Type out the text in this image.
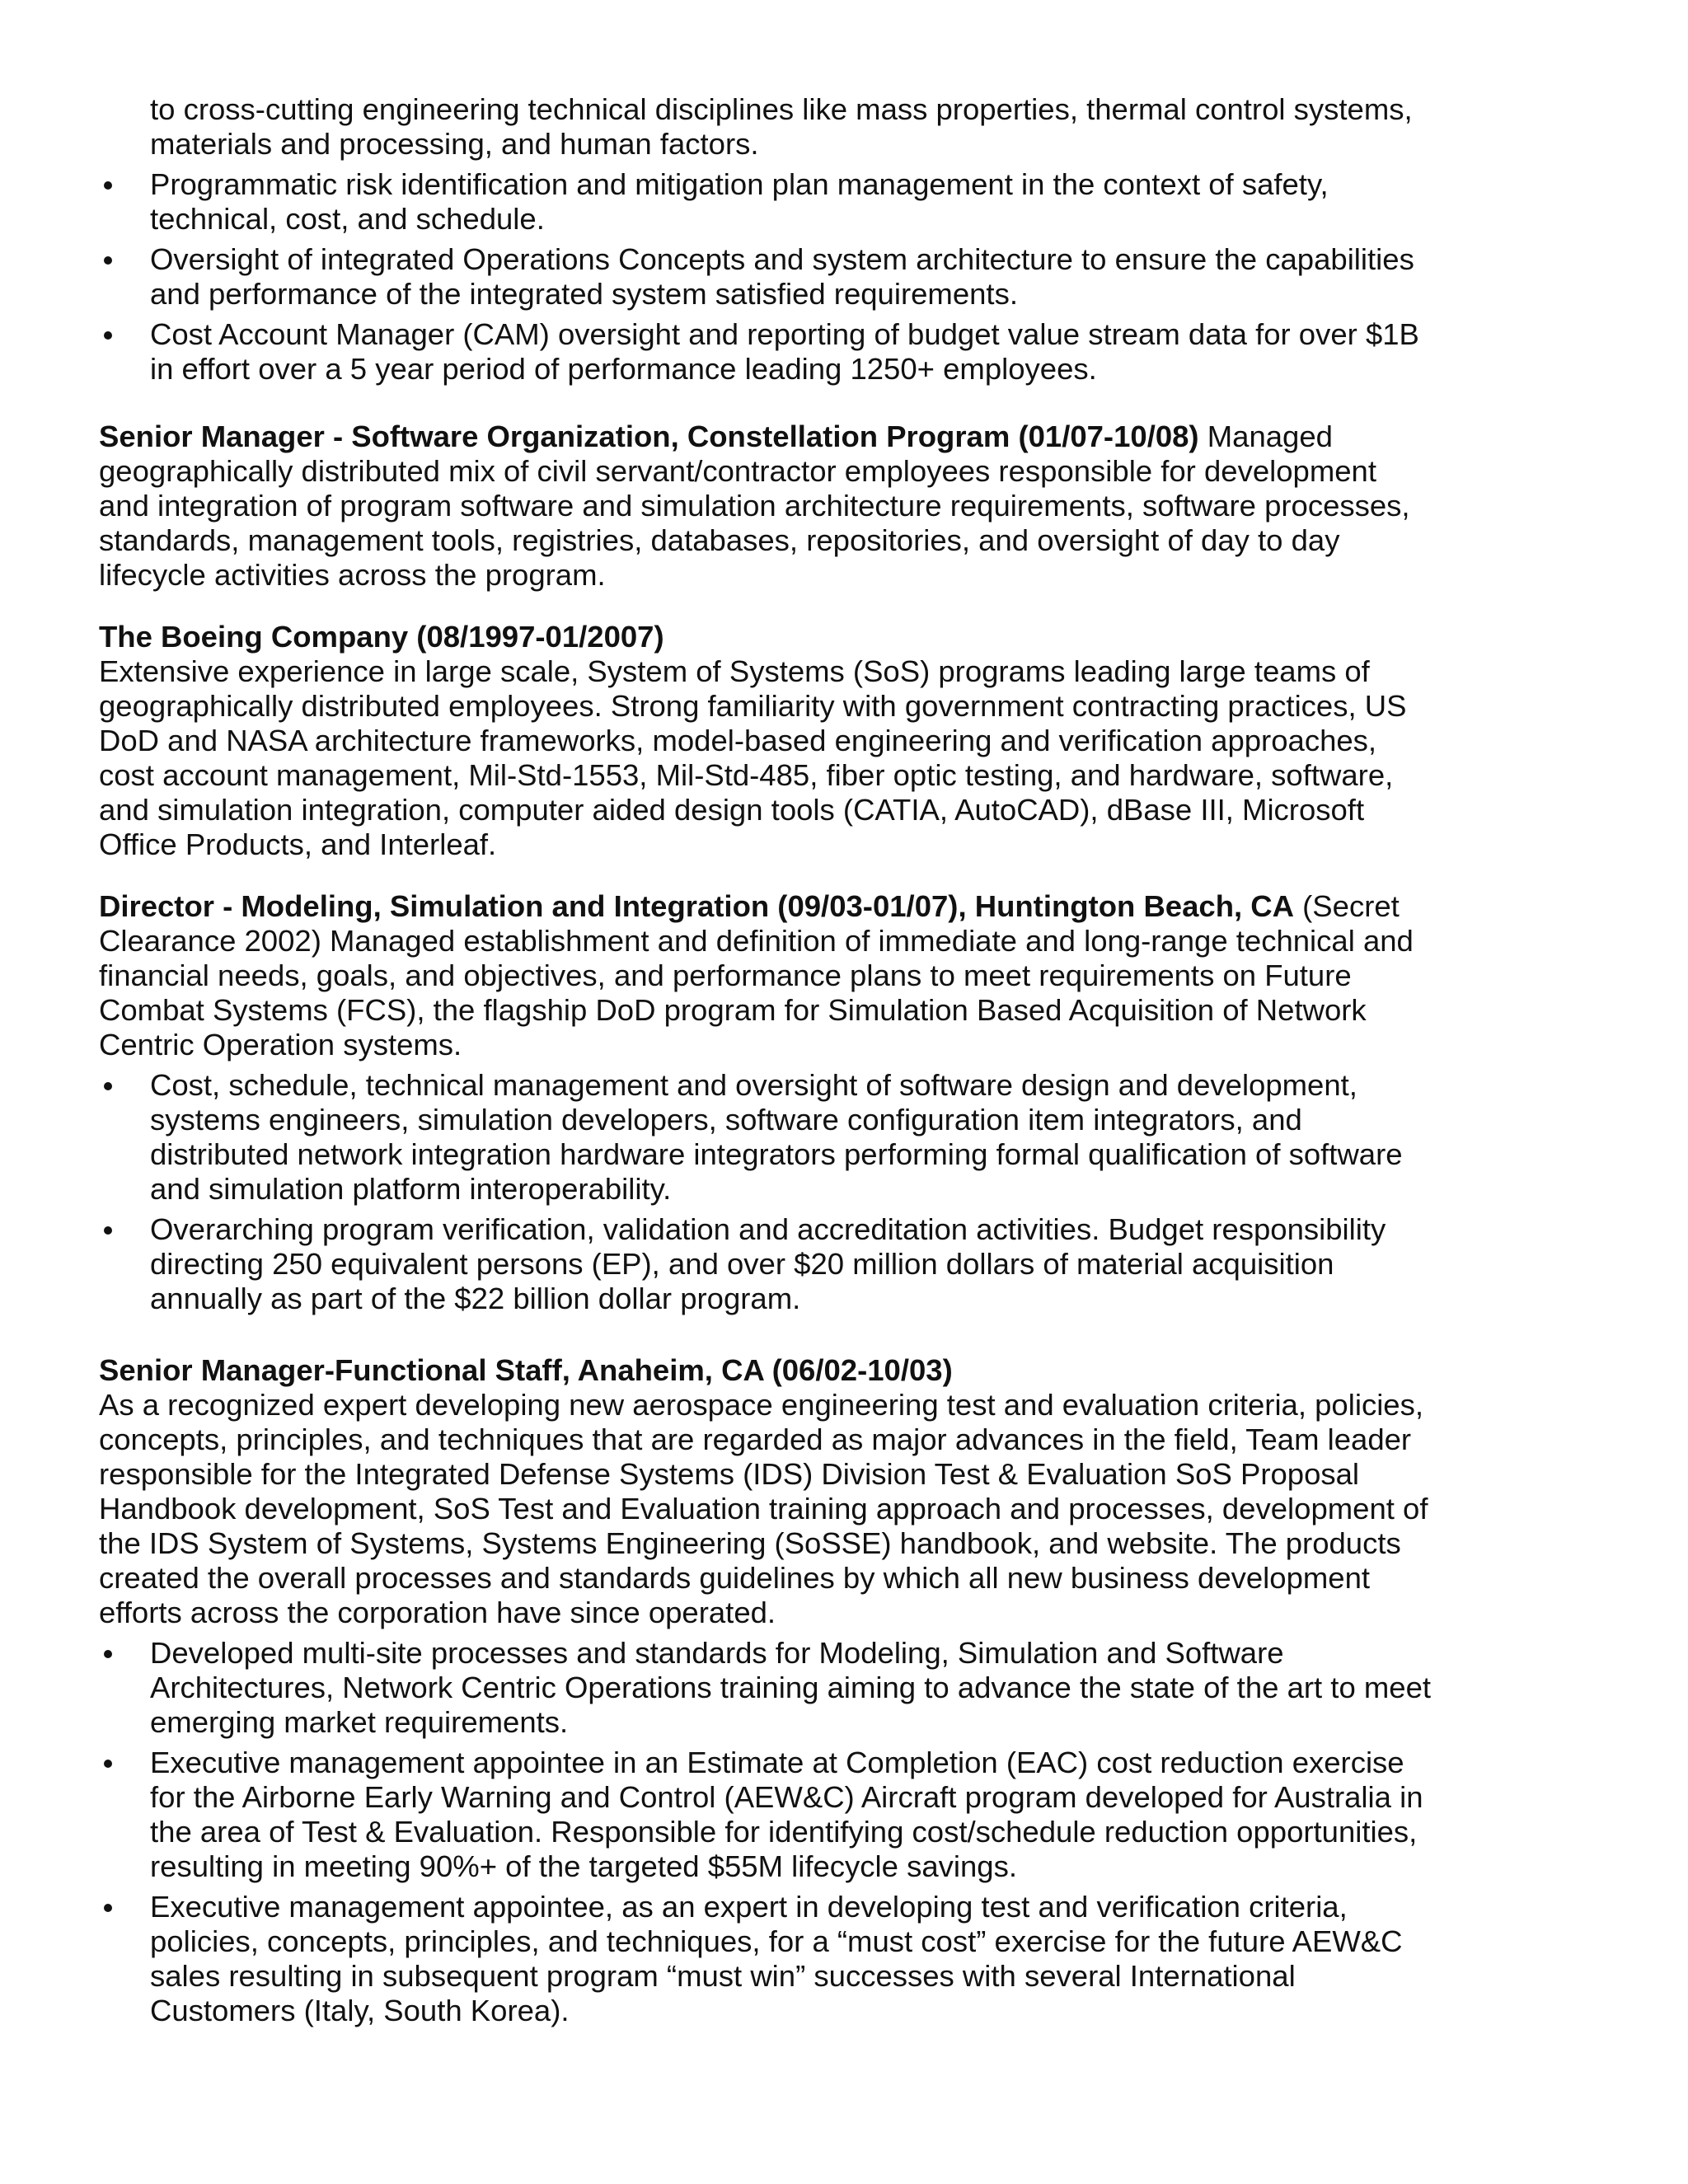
to cross-cutting engineering technical disciplines like mass properties, thermal control systems, materials and processing, and human factors.

Programmatic risk identification and mitigation plan management in the context of safety, technical, cost, and schedule.
Oversight of integrated Operations Concepts and system architecture to ensure the capabilities and performance of the integrated system satisfied requirements.
Cost Account Manager (CAM) oversight and reporting of budget value stream data for over $1B in effort over a 5 year period of performance leading 1250+ employees.

Senior Manager - Software Organization, Constellation Program (01/07-10/08) Managed geographically distributed mix of civil servant/contractor employees responsible for development and integration of program software and simulation architecture requirements, software processes, standards, management tools, registries, databases, repositories, and oversight of day to day lifecycle activities across the program.

The Boeing Company (08/1997-01/2007)

Extensive experience in large scale, System of Systems (SoS) programs leading large teams of geographically distributed employees. Strong familiarity with government contracting practices, US DoD and NASA architecture frameworks, model-based engineering and verification approaches, cost account management, Mil-Std-1553, Mil-Std-485, fiber optic testing, and hardware, software, and simulation integration, computer aided design tools (CATIA, AutoCAD), dBase III, Microsoft Office Products, and Interleaf.

Director - Modeling, Simulation and Integration (09/03-01/07), Huntington Beach, CA (Secret Clearance 2002) Managed establishment and definition of immediate and long-range technical and financial needs, goals, and objectives, and performance plans to meet requirements on Future Combat Systems (FCS), the flagship DoD program for Simulation Based Acquisition of Network Centric Operation systems.

Cost, schedule, technical management and oversight of software design and development, systems engineers, simulation developers, software configuration item integrators, and distributed network integration hardware integrators performing formal qualification of software and simulation platform interoperability.
Overarching program verification, validation and accreditation activities. Budget responsibility directing 250 equivalent persons (EP), and over $20 million dollars of material acquisition annually as part of the $22 billion dollar program.

Senior Manager-Functional Staff, Anaheim, CA (06/02-10/03)

As a recognized expert developing new aerospace engineering test and evaluation criteria, policies, concepts, principles, and techniques that are regarded as major advances in the field, Team leader responsible for the Integrated Defense Systems (IDS) Division Test & Evaluation SoS Proposal Handbook development, SoS Test and Evaluation training approach and processes, development of the IDS System of Systems, Systems Engineering (SoSSE) handbook, and website. The products created the overall processes and standards guidelines by which all new business development efforts across the corporation have since operated.

Developed multi-site processes and standards for Modeling, Simulation and Software Architectures, Network Centric Operations training aiming to advance the state of the art to meet emerging market requirements.
Executive management appointee in an Estimate at Completion (EAC) cost reduction exercise for the Airborne Early Warning and Control (AEW&C) Aircraft program developed for Australia in the area of Test & Evaluation. Responsible for identifying cost/schedule reduction opportunities, resulting in meeting 90%+ of the targeted $55M lifecycle savings.
Executive management appointee, as an expert in developing test and verification criteria, policies, concepts, principles, and techniques, for a “must cost” exercise for the future AEW&C sales resulting in subsequent program “must win” successes with several International Customers (Italy, South Korea).
